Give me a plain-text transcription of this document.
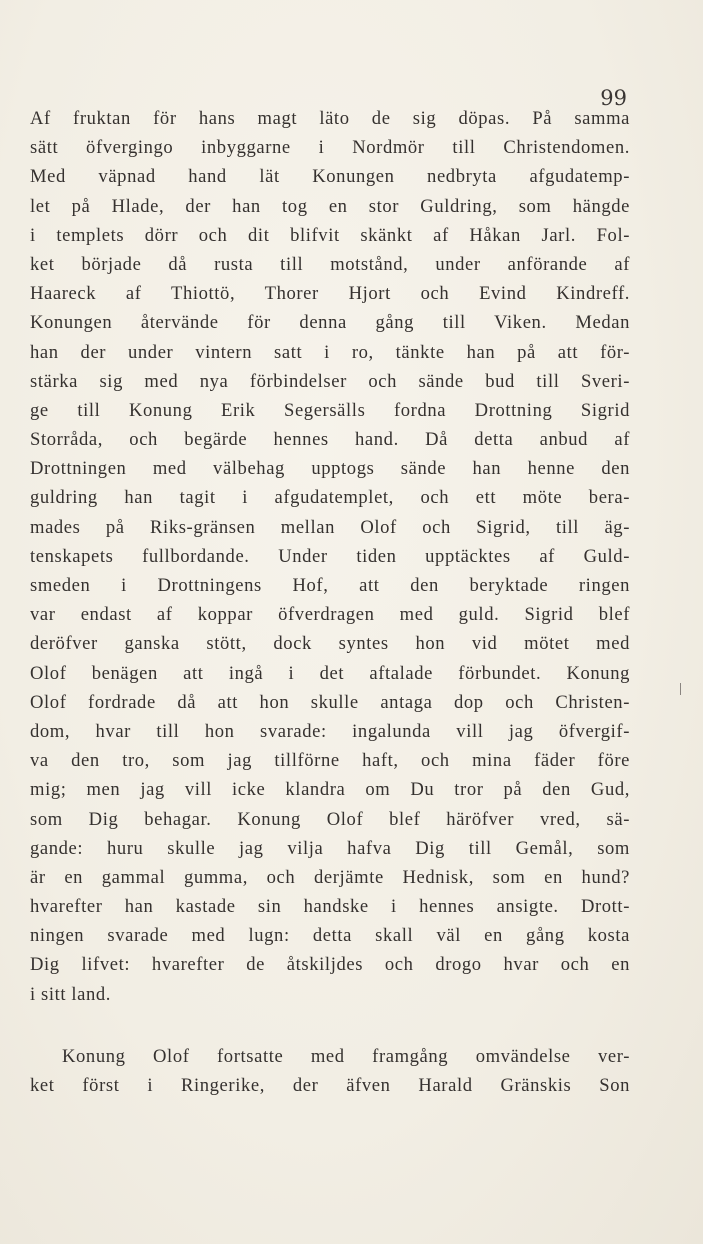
99
Af fruktan för hans magt läto de sig döpas. På samma
sätt öfvergingo inbyggarne i Nordmör till Christendomen.
Med väpnad hand lät Konungen nedbryta afgudatemp-
let på Hlade, der han tog en stor Guldring, som hängde
i templets dörr och dit blifvit skänkt af Håkan Jarl. Fol-
ket började då rusta till motstånd, under anförande af
Haareck af Thiottö, Thorer Hjort och Evind Kindreff.
Konungen återvände för denna gång till Viken. Medan
han der under vintern satt i ro, tänkte han på att för-
stärka sig med nya förbindelser och sände bud till Sveri-
ge till Konung Erik Segersälls fordna Drottning Sigrid
Storråda, och begärde hennes hand. Då detta anbud af
Drottningen med välbehag upptogs sände han henne den
guldring han tagit i afgudatemplet, och ett möte bera-
mades på Riks-gränsen mellan Olof och Sigrid, till äg-
tenskapets fullbordande. Under tiden upptäcktes af Guld-
smeden i Drottningens Hof, att den beryktade ringen
var endast af koppar öfverdragen med guld. Sigrid blef
deröfver ganska stött, dock syntes hon vid mötet med
Olof benägen att ingå i det aftalade förbundet. Konung
Olof fordrade då att hon skulle antaga dop och Christen-
dom, hvar till hon svarade: ingalunda vill jag öfvergif-
va den tro, som jag tillförne haft, och mina fäder före
mig; men jag vill icke klandra om Du tror på den Gud,
som Dig behagar. Konung Olof blef häröfver vred, sä-
gande: huru skulle jag vilja hafva Dig till Gemål, som
är en gammal gumma, och derjämte Hednisk, som en hund?
hvarefter han kastade sin handske i hennes ansigte. Drott-
ningen svarade med lugn: detta skall väl en gång kosta
Dig lifvet: hvarefter de åtskiljdes och drogo hvar och en
i sitt land.
Konung Olof fortsatte med framgång omvändelse ver-
ket först i Ringerike, der äfven Harald Gränskis Son
